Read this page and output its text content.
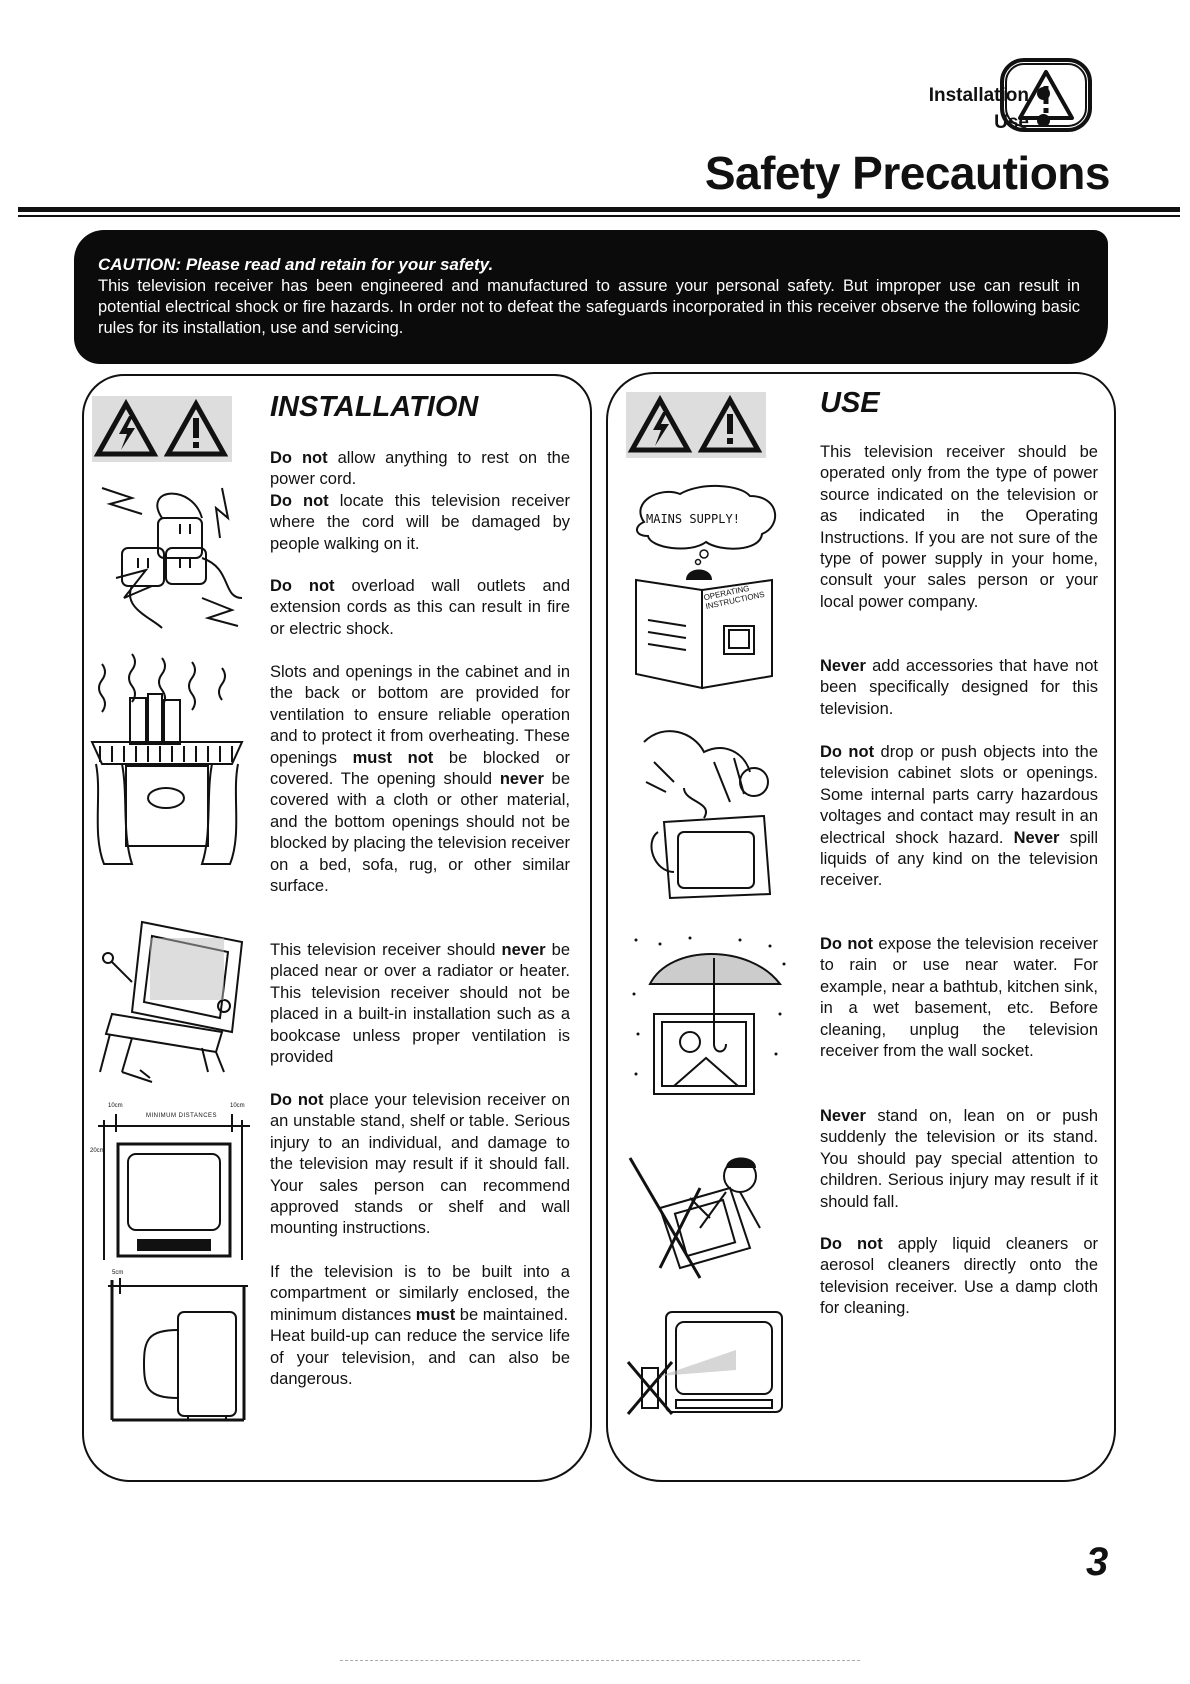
Installation
Use
Safety Precautions
CAUTION: Please read and retain for your safety.
This television receiver has been engineered and manufactured to assure your personal safety. But improper use can result in potential electrical shock or fire hazards. In order not to defeat the safeguards incorporated in this receiver observe the following basic rules for its installation, use and servicing.
MINIMUM DISTANCES
10cm	10cm
20cm
5cm
INSTALLATION
Do not allow anything to rest on the power cord.
Do not locate this television receiver where the cord will be damaged by people walking on it.
Do not overload wall outlets and extension cords as this can result in fire or electric shock.
Slots and openings in the cabinet and in the back or bottom are provided for ventilation to ensure reliable operation and to protect it from overheating. These openings must not be blocked or covered. The opening should never be covered with a cloth or other material, and the bottom openings should not be blocked by placing the television receiver on a bed, sofa, rug, or other similar surface.
This television receiver should never be placed near or over a radiator or heater. This television receiver should not be placed in a built-in installation such as a bookcase unless proper ventilation is provided
Do not place your television receiver on an unstable stand, shelf or table. Serious injury to an individual, and damage to the television may result if it should fall. Your sales person can recommend approved stands or shelf and wall mounting instructions.
If the television is to be built into a compartment or similarly enclosed, the minimum distances must be maintained.
Heat build-up can reduce the service life of your television, and can also be dangerous.
MAINS SUPPLY!
OPERATING INSTRUCTIONS
USE
This television receiver should be operated only from the type of power source indicated on the television or as indicated in the Operating Instructions. If you are not sure of the type of power supply in your home, consult your sales person or your local power company.
Never add accessories that have not been specifically designed for this television.
Do not drop or push objects into the television cabinet slots or openings. Some internal parts carry hazardous voltages and contact may result in an electrical shock hazard. Never spill liquids of any kind on the television receiver.
Do not expose the television receiver to rain or use near water. For example, near a bathtub, kitchen sink, in a wet basement, etc. Before cleaning, unplug the television receiver from the wall socket.
Never stand on, lean on or push suddenly the television or its stand. You should pay special attention to children. Serious injury may result if it should fall.
Do not apply liquid cleaners or aerosol cleaners directly onto the television receiver. Use a damp cloth for cleaning.
3
